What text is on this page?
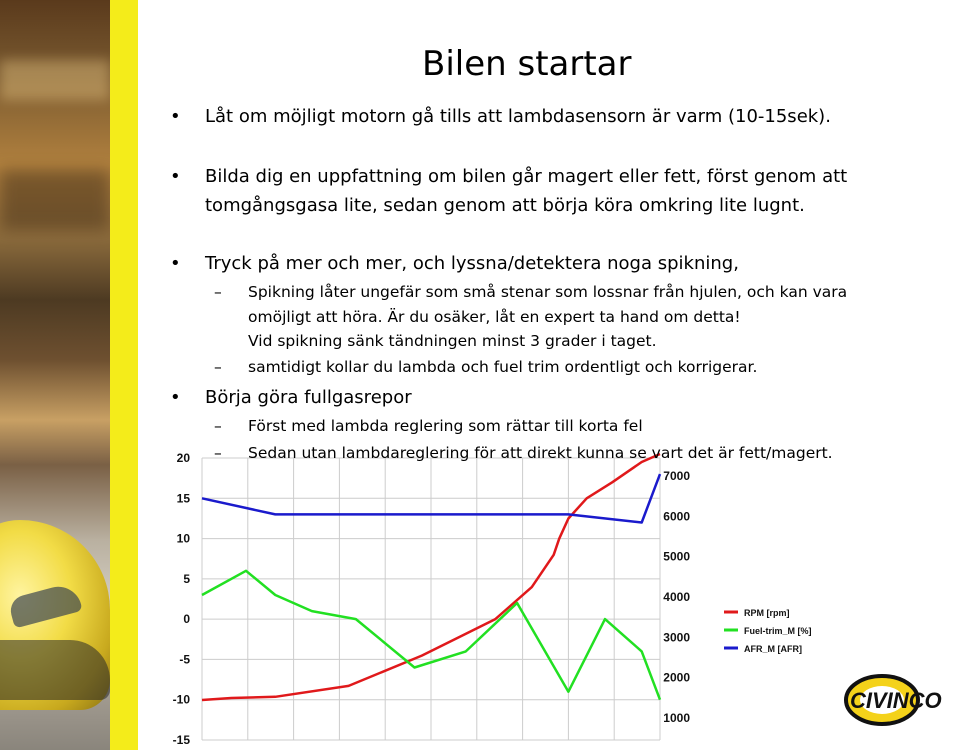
Bilen startar
• Låt om möjligt motorn gå tills att lambdasensorn är varm (10-15sek).
• Bilda dig en uppfattning om bilen går magert eller fett, först genom att
tomgångsgasa lite, sedan genom att börja köra omkring lite lugnt.
• Tryck på mer och mer, och lyssna/detektera noga spikning,
– Spikning låter ungefär som små stenar som lossnar från hjulen, och kan vara
omöjligt att höra. Är du osäker, låt en expert ta hand om detta!
Vid spikning sänk tändningen minst 3 grader i taget.
– samtidigt kollar du lambda och fuel trim ordentligt och korrigerar.
• Börja göra fullgasrepor
– Först med lambda reglering som rättar till korta fel
– Sedan utan lambdareglering för att direkt kunna se vart det är fett/magert.
20
15
10
5
0
-5
-10
-15
7000
6000
5000
4000
3000
2000
1000
RPM [rpm]
Fuel-trim_M [%]
AFR_M [AFR]
CIVINCO
